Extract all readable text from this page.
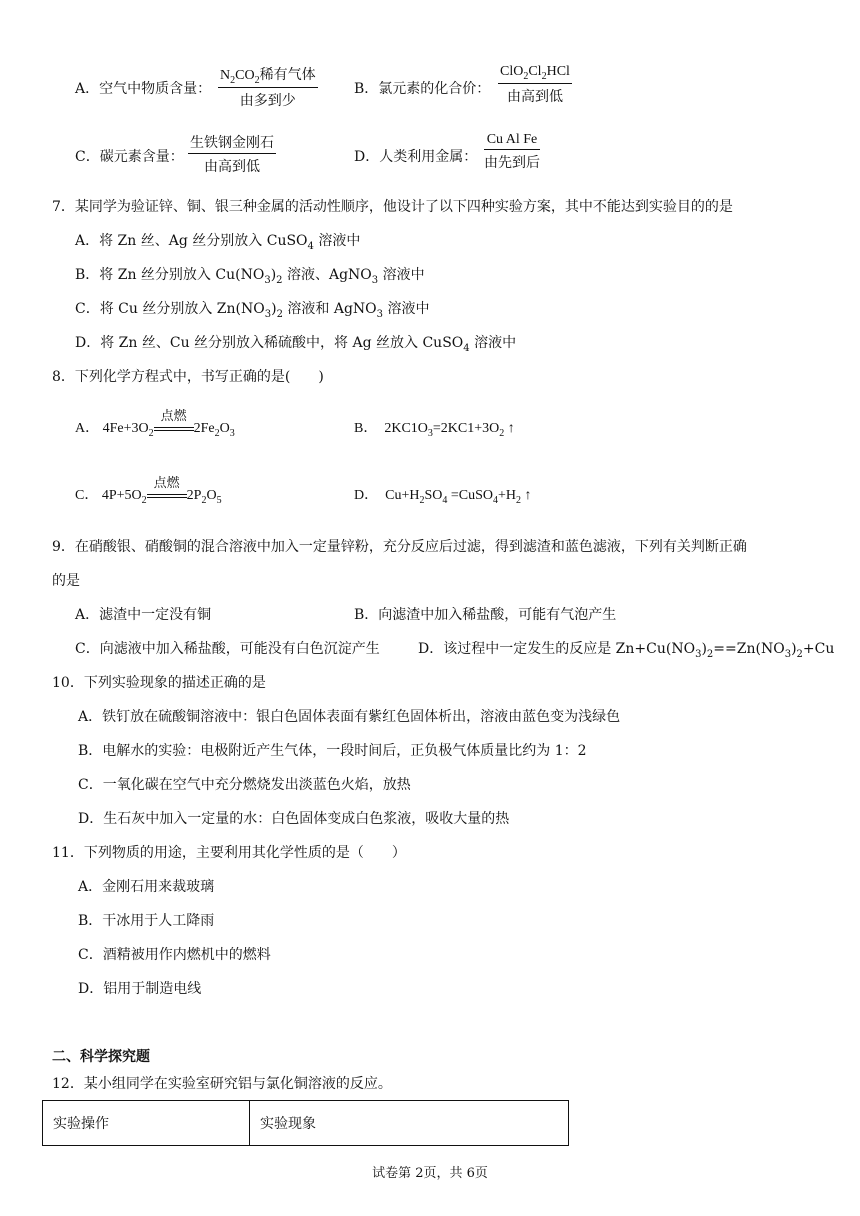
A．空气中物质含量：
$N_2CO_2$稀有气体
由多到少
B．氯元素的化合价：
$ClO_2Cl_2HCl$
由高到低
C．碳元素含量：
生铁钢金刚石
由高到低
D．人类利用金属：
Cu Al Fe
由先到后
7．某同学为验证锌、铜、银三种金属的活动性顺序，他设计了以下四种实验方案，其中不能达到实验目的的是
A．将 Zn 丝、Ag 丝分别放入 CuSO$_4$ 溶液中
B．将 Zn 丝分别放入 $Cu(NO_3)_2$ 溶液、AgNO$_3$ 溶液中
C．将 Cu 丝分别放入 $Zn(NO_3)_2$ 溶液和 AgNO$_3$ 溶液中
D．将 Zn 丝、Cu 丝分别放入稀硫酸中，将 Ag 丝放入 CuSO$_4$ 溶液中
8．下列化学方程式中，书写正确的是(　　)
A． $4Fe+3O_2$
点燃
$2Fe_2O_3$	B．  $2KC1O_3=2KC1+3O_2$ ↑
C． $4P+5O_2$
点燃
$2P_2O_5$	D．  $Cu+H_2SO_4$ $=CuSO_4+H_2$ ↑
9．在硝酸银、硝酸铜的混合溶液中加入一定量锌粉，充分反应后过滤，得到滤渣和蓝色滤液，下列有关判断正确
的是
A．滤渣中一定没有铜	B．向滤渣中加入稀盐酸，可能有气泡产生
C．向滤液中加入稀盐酸，可能没有白色沉淀产生	D．该过程中一定发生的反应是 $Zn+Cu(NO_3)_2==Zn(NO_3)_2+Cu$
10．下列实验现象的描述正确的是
A．铁钉放在硫酸铜溶液中：银白色固体表面有紫红色固体析出，溶液由蓝色变为浅绿色
B．电解水的实验：电极附近产生气体，一段时间后，正负极气体质量比约为 1：2
C．一氧化碳在空气中充分燃烧发出淡蓝色火焰，放热
D．生石灰中加入一定量的水：白色固体变成白色浆液，吸收大量的热
11．下列物质的用途，主要利用其化学性质的是（　　）
A．金刚石用来裁玻璃
B．干冰用于人工降雨
C．酒精被用作内燃机中的燃料
D．铝用于制造电线
二、科学探究题
12．某小组同学在实验室研究铝与氯化铜溶液的反应。
实验操作	实验现象
试卷第 2页，共 6页
